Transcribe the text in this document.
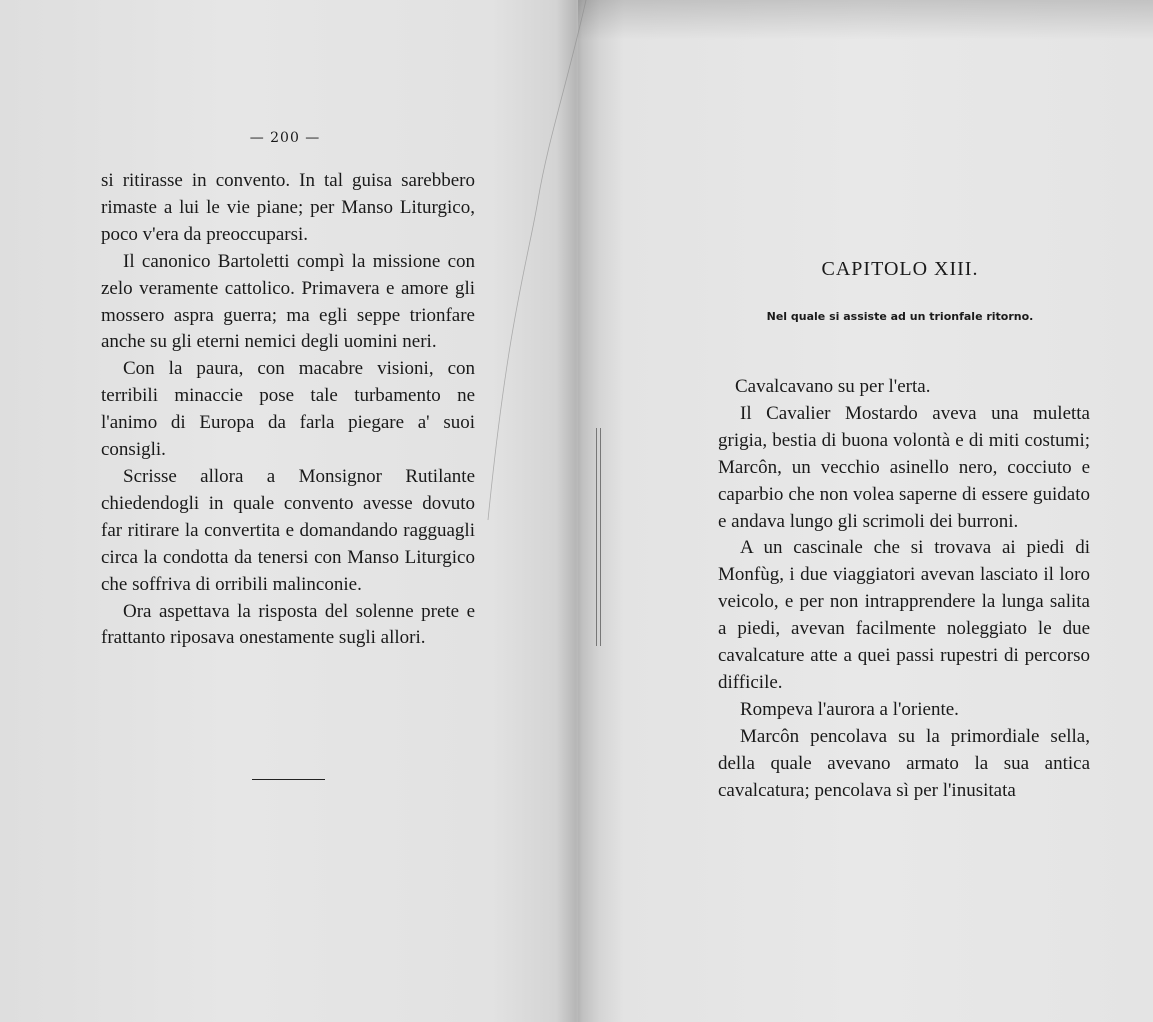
— 200 —

si ritirasse in convento. In tal guisa sarebbero rimaste a lui le vie piane; per Manso Liturgico, poco v'era da preoccuparsi.

Il canonico Bartoletti compì la missione con zelo veramente cattolico. Primavera e amore gli mossero aspra guerra; ma egli seppe trionfare anche su gli eterni nemici degli uomini neri.

Con la paura, con macabre visioni, con terribili minaccie pose tale turbamento ne l'animo di Europa da farla piegare a' suoi consigli.

Scrisse allora a Monsignor Rutilante chiedendogli in quale convento avesse dovuto far ritirare la convertita e domandando ragguagli circa la condotta da tenersi con Manso Liturgico che soffriva di orribili malinconie.

Ora aspettava la risposta del solenne prete e frattanto riposava onestamente sugli allori.

CAPITOLO XIII.
Nel quale si assiste ad un trionfale ritorno.

Cavalcavano su per l'erta.

Il Cavalier Mostardo aveva una muletta grigia, bestia di buona volontà e di miti costumi; Marcôn, un vecchio asinello nero, cocciuto e caparbio che non volea saperne di essere guidato e andava lungo gli scrimoli dei burroni.

A un cascinale che si trovava ai piedi di Monfùg, i due viaggiatori avevan lasciato il loro veicolo, e per non intrapprendere la lunga salita a piedi, avevan facilmente noleggiato le due cavalcature atte a quei passi rupestri di percorso difficile.

Rompeva l'aurora a l'oriente.

Marcôn pencolava su la primordiale sella, della quale avevano armato la sua antica cavalcatura; pencolava sì per l'inusitata
